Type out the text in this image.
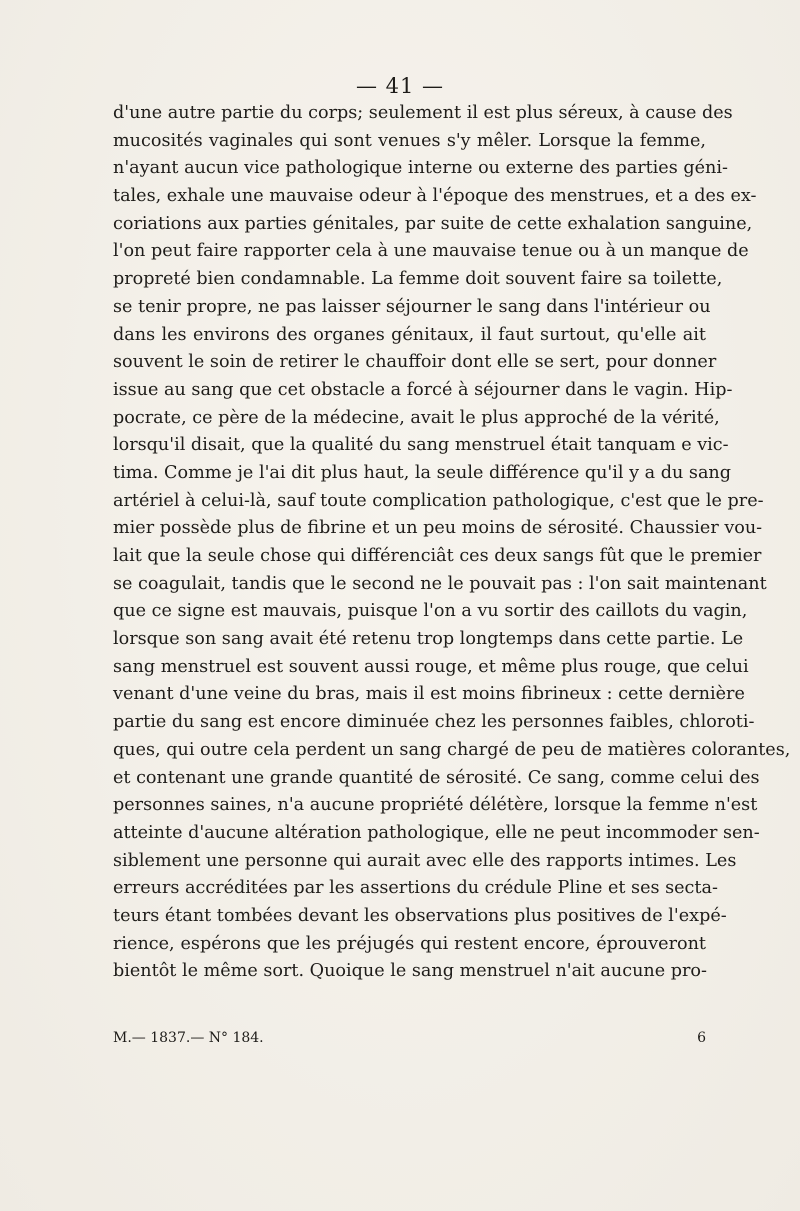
— 41 —
d'une autre partie du corps; seulement il est plus séreux, à cause des
mucosités vaginales qui sont venues s'y mêler. Lorsque la femme,
n'ayant aucun vice pathologique interne ou externe des parties géni-
tales, exhale une mauvaise odeur à l'époque des menstrues, et a des ex-
coriations aux parties génitales, par suite de cette exhalation sanguine,
l'on peut faire rapporter cela à une mauvaise tenue ou à un manque de
propreté bien condamnable. La femme doit souvent faire sa toilette,
se tenir propre, ne pas laisser séjourner le sang dans l'intérieur ou
dans les environs des organes génitaux, il faut surtout, qu'elle ait
souvent le soin de retirer le chauffoir dont elle se sert, pour donner
issue au sang que cet obstacle a forcé à séjourner dans le vagin. Hip-
pocrate, ce père de la médecine, avait le plus approché de la vérité,
lorsqu'il disait, que la qualité du sang menstruel était tanquam e vic-
tima. Comme je l'ai dit plus haut, la seule différence qu'il y a du sang
artériel à celui-là, sauf toute complication pathologique, c'est que le pre-
mier possède plus de fibrine et un peu moins de sérosité. Chaussier vou-
lait que la seule chose qui différenciât ces deux sangs fût que le premier
se coagulait, tandis que le second ne le pouvait pas : l'on sait maintenant
que ce signe est mauvais, puisque l'on a vu sortir des caillots du vagin,
lorsque son sang avait été retenu trop longtemps dans cette partie. Le
sang menstruel est souvent aussi rouge, et même plus rouge, que celui
venant d'une veine du bras, mais il est moins fibrineux : cette dernière
partie du sang est encore diminuée chez les personnes faibles, chloroti-
ques, qui outre cela perdent un sang chargé de peu de matières colorantes,
et contenant une grande quantité de sérosité. Ce sang, comme celui des
personnes saines, n'a aucune propriété délétère, lorsque la femme n'est
atteinte d'aucune altération pathologique, elle ne peut incommoder sen-
siblement une personne qui aurait avec elle des rapports intimes. Les
erreurs accréditées par les assertions du crédule Pline et ses secta-
teurs étant tombées devant les observations plus positives de l'expé-
rience, espérons que les préjugés qui restent encore, éprouveront
bientôt le même sort. Quoique le sang menstruel n'ait aucune pro-
M.— 1837.— N° 184.	6
